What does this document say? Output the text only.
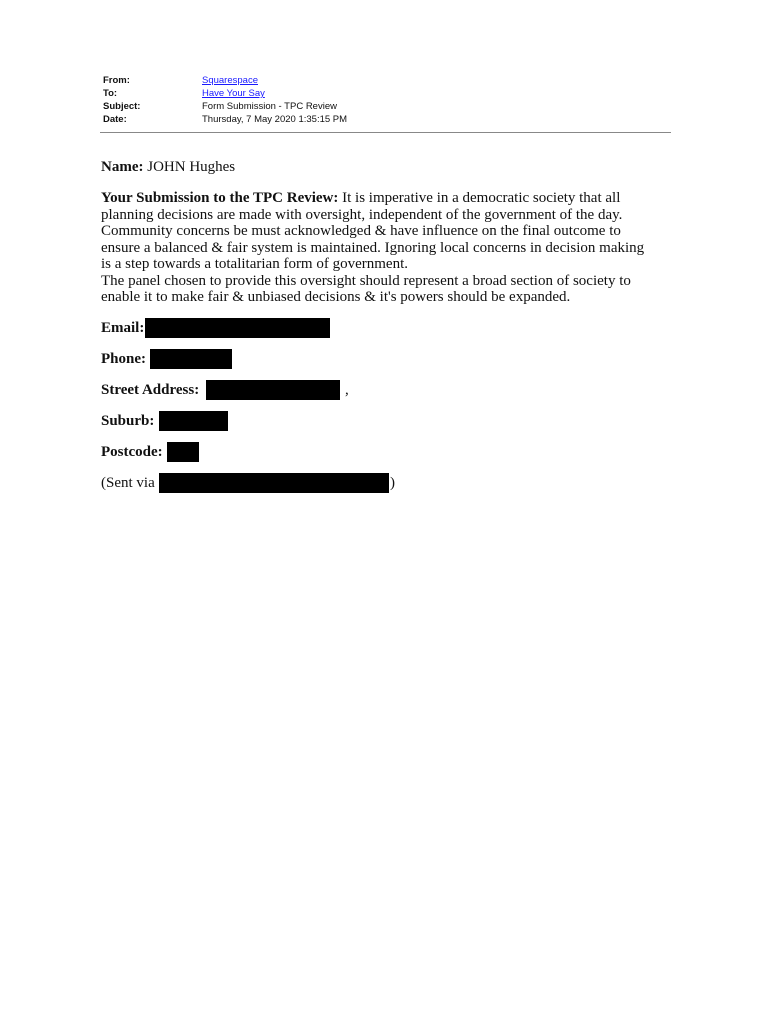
From:	Squarespace
To:	Have Your Say
Subject:	Form Submission - TPC Review
Date:	Thursday, 7 May 2020 1:35:15 PM
Name: JOHN Hughes
Your Submission to the TPC Review: It is imperative in a democratic society that all
planning decisions are made with oversight, independent of the government of the day.
Community concerns be must acknowledged & have influence on the final outcome to
ensure a balanced & fair system is maintained. Ignoring local concerns in decision making
is a step towards a totalitarian form of government.
The panel chosen to provide this oversight should represent a broad section of society to
enable it to make fair & unbiased decisions & it's powers should be expanded.
Email:
Phone:
Street Address:	,
Suburb:
Postcode:
(Sent via	)
